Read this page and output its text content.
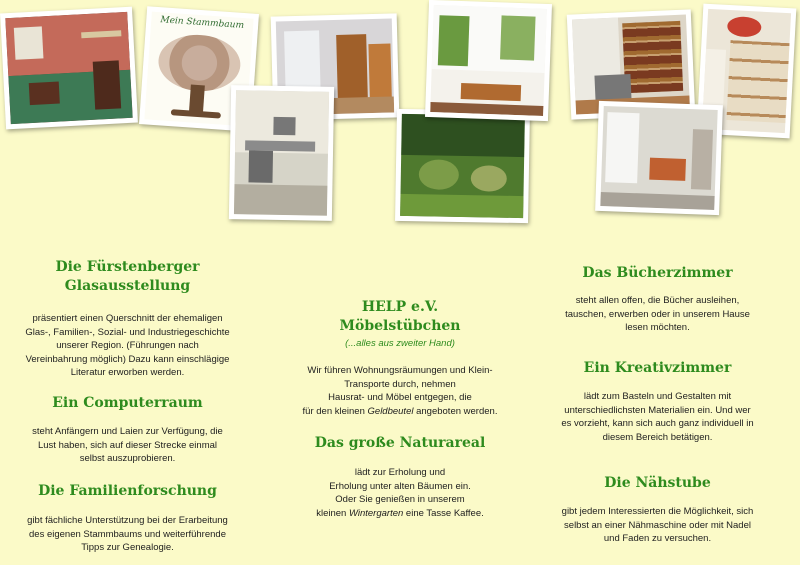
Mein Stammbaum
Die Fürstenberger
Glasausstellung
präsentiert einen Querschnitt der ehemaligen
Glas-, Familien-, Sozial- und Industriegeschichte
unserer Region. (Führungen nach
Vereinbahrung möglich) Dazu kann einschlägige
Literatur erworben werden.
Ein Computerraum
steht Anfängern und Laien zur Verfügung, die
Lust haben, sich auf dieser Strecke einmal
selbst auszuprobieren.
Die Familienforschung
gibt fächliche Unterstützung bei der Erarbeitung
des eigenen Stammbaums und weiterführende
Tipps zur Genealogie.
HELP e.V.
Möbelstübchen
(...alles aus zweiter Hand)
Wir führen Wohnungsräumungen und Klein-
Transporte durch, nehmen
Hausrat- und Möbel entgegen, die
für den kleinen Geldbeutel angeboten werden.
Das große Naturareal
lädt zur Erholung und
Erholung unter alten Bäumen ein.
Oder Sie genießen in unserem
kleinen Wintergarten eine Tasse Kaffee.
Das Bücherzimmer
steht allen offen, die Bücher ausleihen,
tauschen, erwerben oder in unserem Hause
lesen möchten.
Ein Kreativzimmer
lädt zum Basteln und Gestalten mit
unterschiedlichsten Materialien ein. Und wer
es vorzieht, kann sich auch ganz individuell in
diesem Bereich betätigen.
Die Nähstube
gibt jedem Interessierten die Möglichkeit, sich
selbst an einer Nähmaschine oder mit Nadel
und Faden zu versuchen.
